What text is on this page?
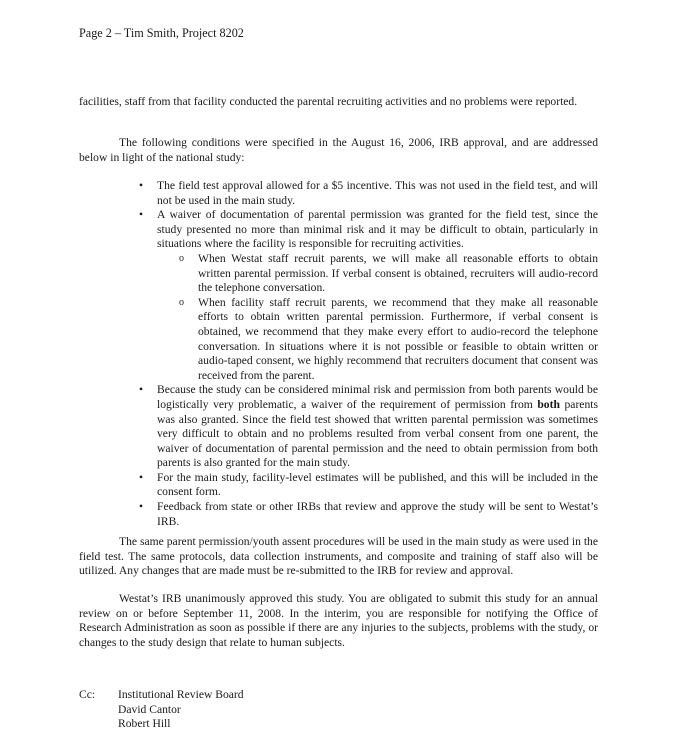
Page 2 – Tim Smith, Project 8202

facilities, staff from that facility conducted the parental recruiting activities and no problems were reported.

The following conditions were specified in the August 16, 2006, IRB approval, and are addressed below in light of the national study:

• The field test approval allowed for a $5 incentive. This was not used in the field test, and will not be used in the main study.
• A waiver of documentation of parental permission was granted for the field test, since the study presented no more than minimal risk and it may be difficult to obtain, particularly in situations where the facility is responsible for recruiting activities.
o When Westat staff recruit parents, we will make all reasonable efforts to obtain written parental permission. If verbal consent is obtained, recruiters will audio-record the telephone conversation.
o When facility staff recruit parents, we recommend that they make all reasonable efforts to obtain written parental permission. Furthermore, if verbal consent is obtained, we recommend that they make every effort to audio-record the telephone conversation. In situations where it is not possible or feasible to obtain written or audio-taped consent, we highly recommend that recruiters document that consent was received from the parent.
• Because the study can be considered minimal risk and permission from both parents would be logistically very problematic, a waiver of the requirement of permission from both parents was also granted. Since the field test showed that written parental permission was sometimes very difficult to obtain and no problems resulted from verbal consent from one parent, the waiver of documentation of parental permission and the need to obtain permission from both parents is also granted for the main study.
• For the main study, facility-level estimates will be published, and this will be included in the consent form.
• Feedback from state or other IRBs that review and approve the study will be sent to Westat’s IRB.

The same parent permission/youth assent procedures will be used in the main study as were used in the field test. The same protocols, data collection instruments, and composite and training of staff also will be utilized. Any changes that are made must be re-submitted to the IRB for review and approval.

Westat’s IRB unanimously approved this study. You are obligated to submit this study for an annual review on or before September 11, 2008. In the interim, you are responsible for notifying the Office of Research Administration as soon as possible if there are any injuries to the subjects, problems with the study, or changes to the study design that relate to human subjects.

Cc: Institutional Review Board
David Cantor
Robert Hill
